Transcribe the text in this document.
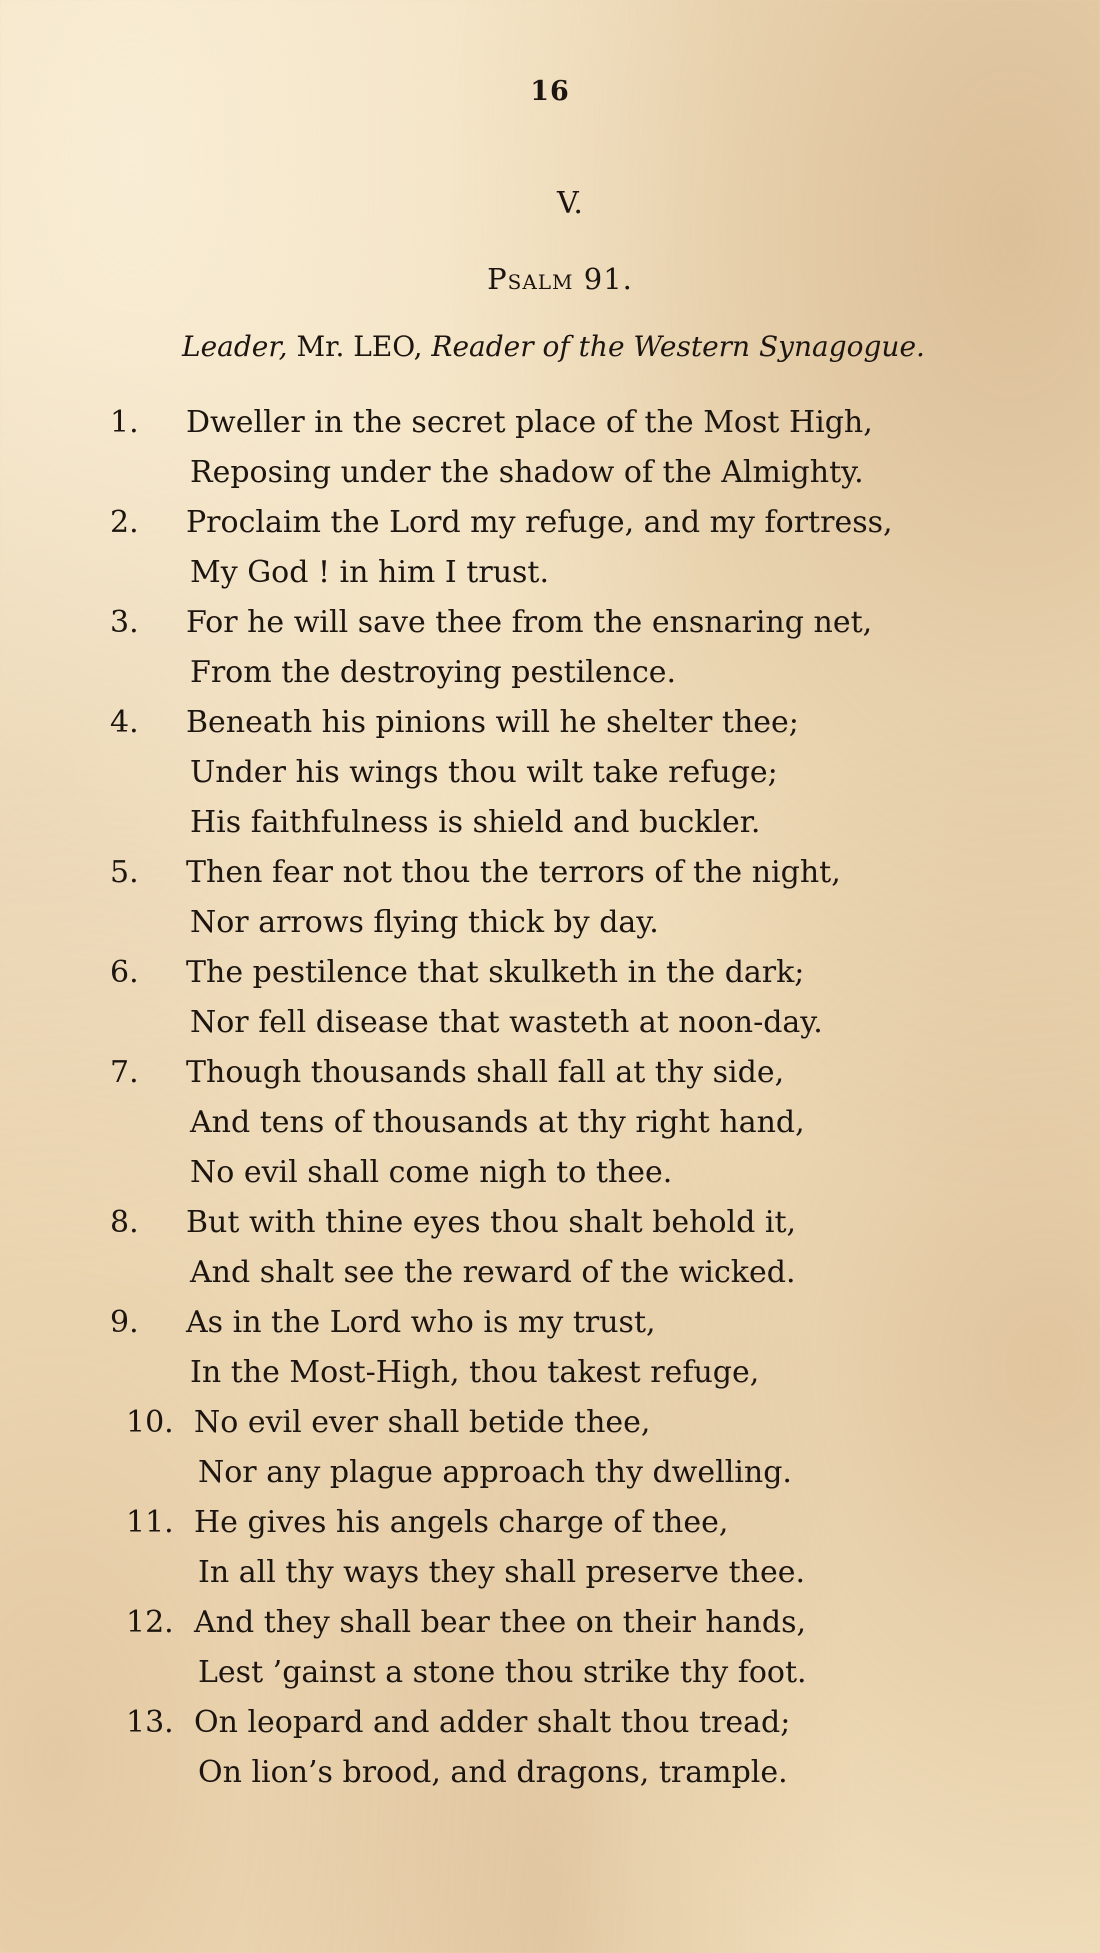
16
V.
Psalm 91.
Leader, Mr. LEO, Reader of the Western Synagogue.
1.	Dweller in the secret place of the Most High,
Reposing under the shadow of the Almighty.
2.	Proclaim the Lord my refuge, and my fortress,
My God ! in him I trust.
3.	For he will save thee from the ensnaring net,
From the destroying pestilence.
4.	Beneath his pinions will he shelter thee;
Under his wings thou wilt take refuge;
His faithfulness is shield and buckler.
5.	Then fear not thou the terrors of the night,
Nor arrows flying thick by day.
6.	The pestilence that skulketh in the dark;
Nor fell disease that wasteth at noon-day.
7.	Though thousands shall fall at thy side,
And tens of thousands at thy right hand,
No evil shall come nigh to thee.
8.	But with thine eyes thou shalt behold it,
And shalt see the reward of the wicked.
9.	As in the Lord who is my trust,
In the Most-High, thou takest refuge,
10. No evil ever shall betide thee,
Nor any plague approach thy dwelling.
11. He gives his angels charge of thee,
In all thy ways they shall preserve thee.
12. And they shall bear thee on their hands,
Lest ’gainst a stone thou strike thy foot.
13. On leopard and adder shalt thou tread;
On lion’s brood, and dragons, trample.
